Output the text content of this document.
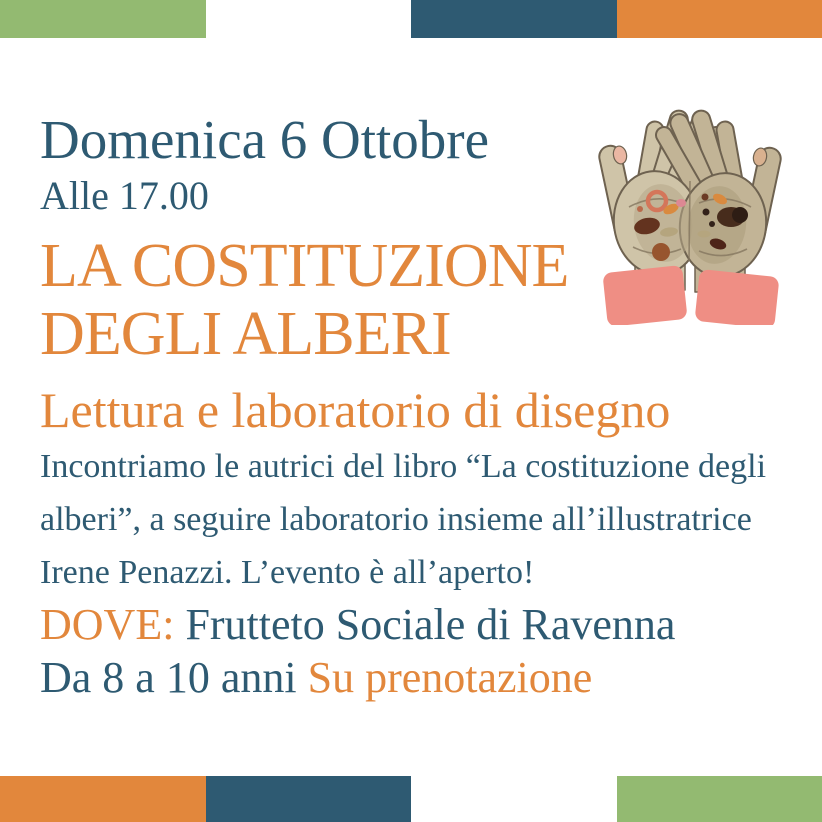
Domenica 6 Ottobre
Alle 17.00
LA COSTITUZIONE
DEGLI ALBERI
Lettura e laboratorio di disegno
Incontriamo le autrici del libro “La costituzione degli
alberi”, a seguire laboratorio insieme all’illustratrice
Irene Penazzi. L’evento è all’aperto!
DOVE: Frutteto Sociale di Ravenna
Da 8 a 10 anni Su prenotazione
